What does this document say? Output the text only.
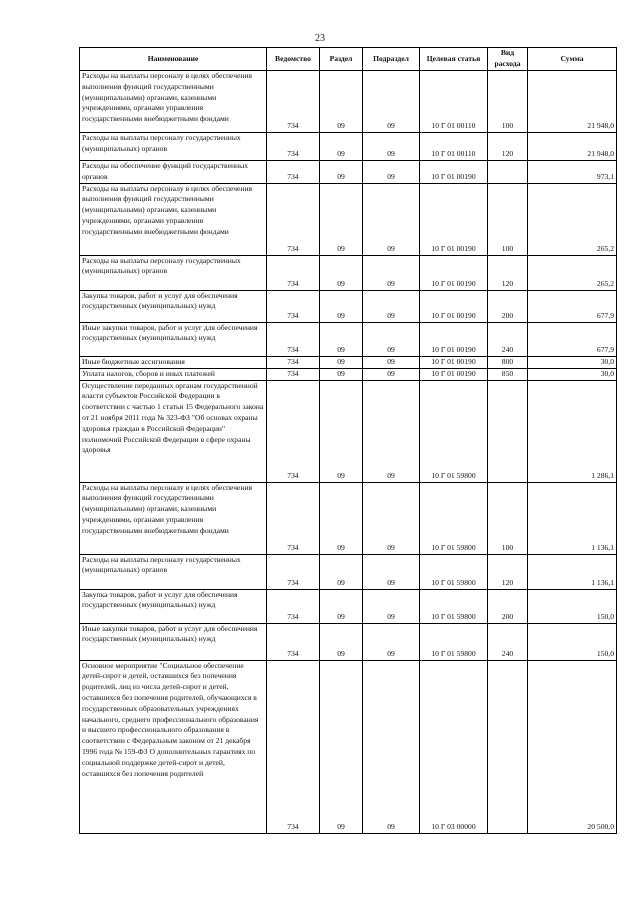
23
Наименование	Ведомство	Раздел	Подраздел	Целевая статья	Вид расхода	Сумма
Расходы на выплаты персоналу в целях обеспечения выполнения функций государственными (муниципальными) органами, казенными учреждениями, органами управления государственными внебюджетными фондами	734	09	09	10 Г 01 00110	100	21 948,0
Расходы на выплаты персоналу государственных (муниципальных) органов	734	09	09	10 Г 01 00110	120	21 948,0
Расходы на обеспечение функций государственных органов	734	09	09	10 Г 01 00190		973,1
Расходы на выплаты персоналу в целях обеспечения выполнения функций государственными (муниципальными) органами, казенными учреждениями, органами управления государственными внебюджетными фондами	734	09	09	10 Г 01 00190	100	265,2
Расходы на выплаты персоналу государственных (муниципальных) органов	734	09	09	10 Г 01 00190	120	265,2
Закупка товаров, работ и услуг для обеспечения государственных (муниципальных) нужд	734	09	09	10 Г 01 00190	200	677,9
Иные закупки товаров, работ и услуг для обеспечения государственных (муниципальных) нужд	734	09	09	10 Г 01 00190	240	677,9
Иные бюджетные ассигнования	734	09	09	10 Г 01 00190	800	30,0
Уплата налогов, сборов и иных платежей	734	09	09	10 Г 01 00190	850	30,0
Осуществление переданных органам государственной власти субъектов Российской Федерации в соответствии с частью 1 статьи 15 Федерального закона от 21 ноября 2011 года № 323-ФЗ "Об основах охраны здоровья граждан в Российской Федерации" полномочий Российской Федерации в сфере охраны здоровья	734	09	09	10 Г 01 59800		1 286,1
Расходы на выплаты персоналу в целях обеспечения выполнения функций государственными (муниципальными) органами, казенными учреждениями, органами управления государственными внебюджетными фондами	734	09	09	10 Г 01 59800	100	1 136,1
Расходы на выплаты персоналу государственных (муниципальных) органов	734	09	09	10 Г 01 59800	120	1 136,1
Закупка товаров, работ и услуг для обеспечения государственных (муниципальных) нужд	734	09	09	10 Г 01 59800	200	150,0
Иные закупки товаров, работ и услуг для обеспечения государственных (муниципальных) нужд	734	09	09	10 Г 01 59800	240	150,0
Основное мероприятие "Социальное обеспечение детей-сирот и детей, оставшихся без попечения родителей, лиц из числа детей-сирот и детей, оставшихся без попечения родителей, обучающихся в государственных образовательных учреждениях начального, среднего профессионального образования и высшего профессионального образования в соответствии с Федеральным законом от 21 декабря 1996 года № 159-ФЗ О дополнительных гарантиях по социальной поддержке детей-сирот и детей, оставшихся без попечения родителей	734	09	09	10 Г 03 00000		20 500,0
